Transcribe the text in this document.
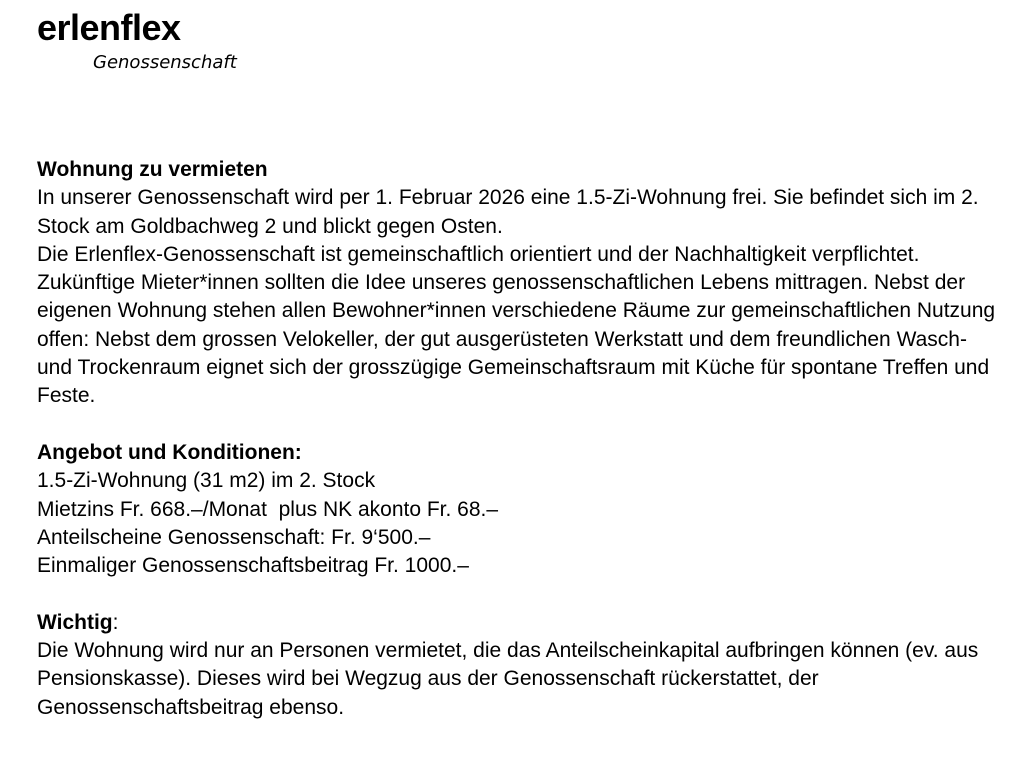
erlenflex
Genossenschaft

Wohnung zu vermieten

In unserer Genossenschaft wird per 1. Februar 2026 eine 1.5-Zi-Wohnung frei. Sie befindet sich im 2. Stock am Goldbachweg 2 und blickt gegen Osten.

Die Erlenflex-Genossenschaft ist gemeinschaftlich orientiert und der Nachhaltigkeit verpflichtet. Zukünftige Mieter*innen sollten die Idee unseres genossenschaftlichen Lebens mittragen. Nebst der eigenen Wohnung stehen allen Bewohner*innen verschiedene Räume zur gemeinschaftlichen Nutzung offen: Nebst dem grossen Velokeller, der gut ausgerüsteten Werkstatt und dem freundlichen Wasch- und Trockenraum eignet sich der grosszügige Gemeinschaftsraum mit Küche für spontane Treffen und Feste.

Angebot und Konditionen:

1.5-Zi-Wohnung (31 m2) im 2. Stock

Mietzins Fr. 668.–/Monat  plus NK akonto Fr. 68.–

Anteilscheine Genossenschaft: Fr. 9‘500.–

Einmaliger Genossenschaftsbeitrag Fr. 1000.–

Wichtig:

Die Wohnung wird nur an Personen vermietet, die das Anteilscheinkapital aufbringen können (ev. aus Pensionskasse). Dieses wird bei Wegzug aus der Genossenschaft rückerstattet, der Genossenschaftsbeitrag ebenso.
